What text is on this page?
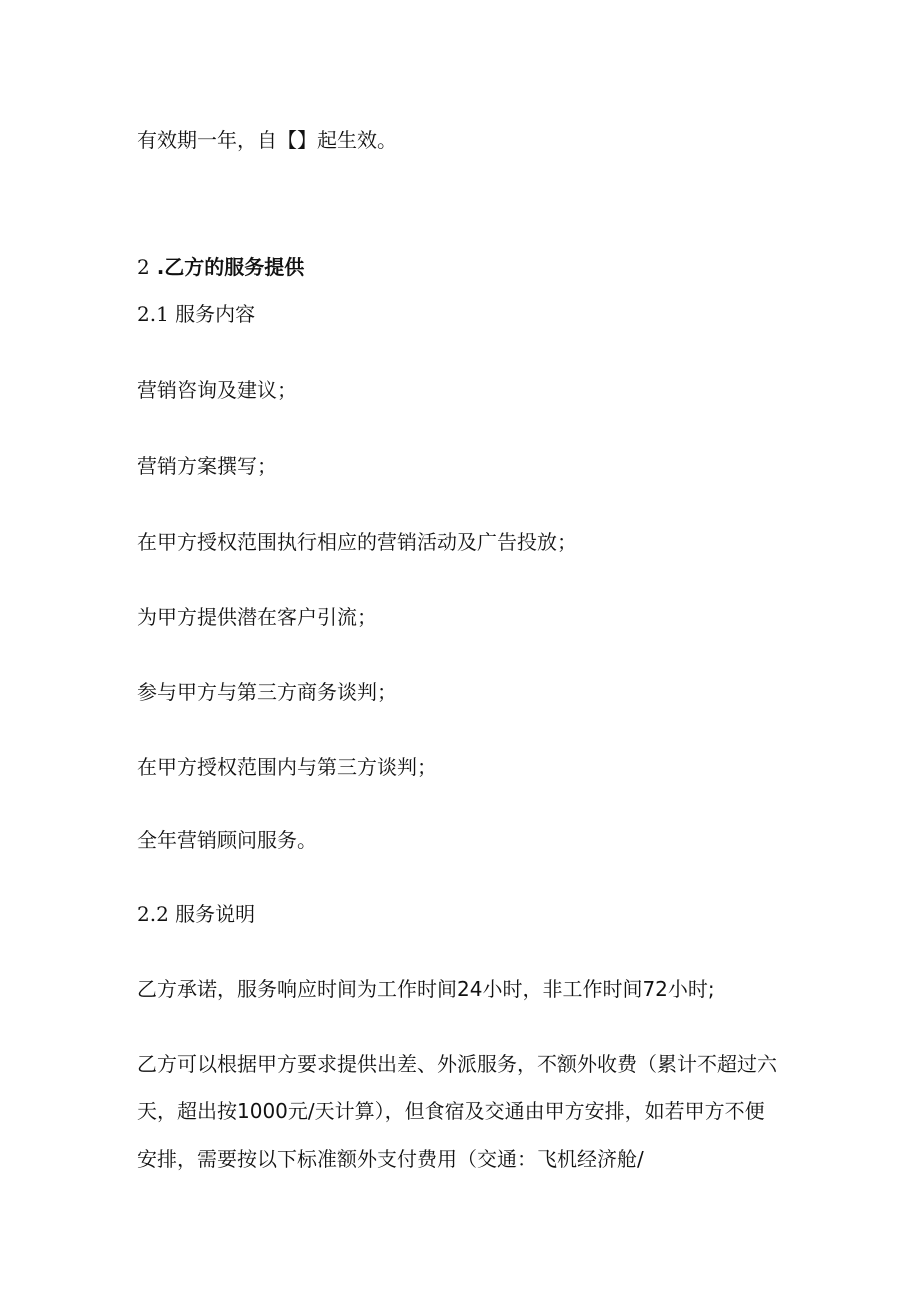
有效期一年，自【】起生效。
2 .乙方的服务提供
2.1 服务内容
营销咨询及建议；
营销方案撰写；
在甲方授权范围执行相应的营销活动及广告投放；
为甲方提供潜在客户引流；
参与甲方与第三方商务谈判；
在甲方授权范围内与第三方谈判；
全年营销顾问服务。
2.2 服务说明
乙方承诺，服务响应时间为工作时间24小时，非工作时间72小时;
乙方可以根据甲方要求提供出差、外派服务，不额外收费（累计不超过六
天，超出按1000元/天计算），但食宿及交通由甲方安排，如若甲方不便
安排，需要按以下标准额外支付费用（交通：飞机经济舱/
